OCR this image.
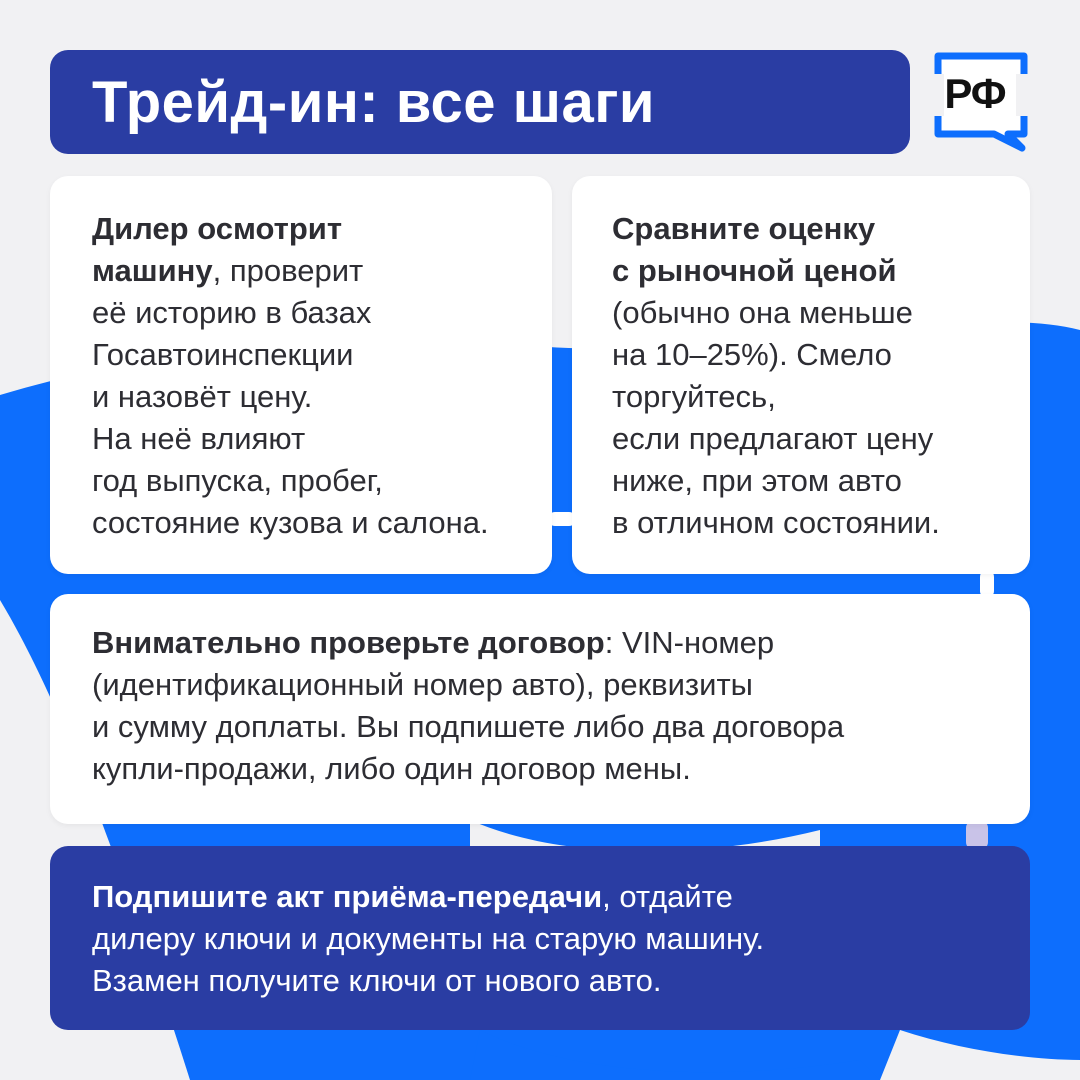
Трейд-ин: все шаги	РФ
Дилер осмотрит
машину, проверит
её историю в базах
Госавтоинспекции
и назовёт цену.
На неё влияют
год выпуска, пробег,
состояние кузова и салона.
Сравните оценку
с рыночной ценой
(обычно она меньше
на 10–25%). Смело
торгуйтесь,
если предлагают цену
ниже, при этом авто
в отличном состоянии.
Внимательно проверьте договор: VIN-номер
(идентификационный номер авто), реквизиты
и сумму доплаты. Вы подпишете либо два договора
купли-продажи, либо один договор мены.
Подпишите акт приёма-передачи, отдайте
дилеру ключи и документы на старую машину.
Взамен получите ключи от нового авто.
